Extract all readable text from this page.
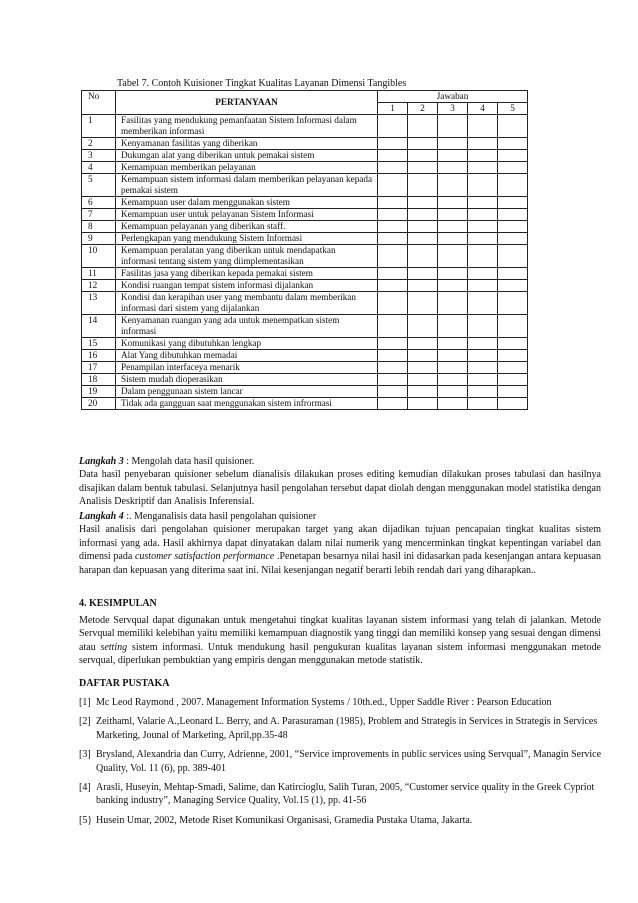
Tabel 7. Contoh Kuisioner Tingkat Kualitas Layanan Dimensi Tangibles
No	PERTANYAAN	Jawaban				
		1	2	3	4	5
1	Fasilitas yang mendukung pemanfaatan Sistem Informasi dalam memberikan informasi					
2	Kenyamanan fasilitas yang diberikan					
3	Dukungan alat yang diberikan untuk pemakai sistem					
4	Kemampuan memberikan pelayanan					
5	Kemampuan sistem informasi dalam memberikan pelayanan kepada pemakai sistem					
6	Kemampuan user dalam menggunakan sistem					
7	Kemampuan user untuk pelayanan Sistem Informasi					
8	Kemampuan pelayanan yang diberikan staff.					
9	Perlengkapan yang mendukung Sistem Informasi					
10	Kemampuan peralatan yang diberikan untuk mendapatkan informasi tentang sistem yang diimplementasikan					
11	Fasilitas jasa yang diberikan kepada pemakai sistem					
12	Kondisi ruangan tempat sistem informasi dijalankan					
13	Kondisi dan kerapihan user yang membantu dalam memberikan informasi dari sistem yang dijalankan					
14	Kenyamanan ruangan yang ada untuk menempatkan sistem informasi					
15	Komunikasi yang dibutuhkan lengkap					
16	Alat Yang dibutuhkan memadai					
17	Penampilan interfaceya menarik					
18	Sistem mudah dioperasikan					
19	Dalam penggunaan sistem lancar					
20	Tidak ada gangguan saat menggunakan sistem infrormasi					
Langkah 3 : Mengolah data hasil quisioner.
Data hasil penyebaran quisioner sebelum dianalisis dilakukan proses editing kemudian dilakukan proses tabulasi dan hasilnya disajikan dalam bentuk tabulasi. Selanjutnya hasil pengolahan tersebut dapat diolah dengan menggunakan model statistika dengan Analisis Deskriptif dan Analisis Inferensial.
Langkah 4 :. Menganalisis data hasil pengolahan quisioner
Hasil analisis dari pengolahan quisioner merupakan target yang akan dijadikan tujuan pencapaian tingkat kualitas sistem informasi yang ada. Hasil akhirnya dapat dinyatakan dalam nilai numerik yang mencerminkan tingkat kepentingan variabel dan dimensi pada customer satisfaction performance .Penetapan besarnya nilai hasil ini didasarkan pada kesenjangan antara kepuasan harapan dan kepuasan yang diterima saat ini. Nilai kesenjangan negatif berarti lebih rendah dari yang diharapkan..
4. KESIMPULAN
Metode Servqual dapat digunakan untuk mengetahui tingkat kualitas layanan sistem informasi yang telah di jalankan. Metode Servqual memiliki kelebihan yaitu memiliki kemampuan diagnostik yang tinggi dan memiliki konsep yang sesuai dengan dimensi atau setting sistem informasi. Untuk mendukung hasil pengukuran kualitas layanan sistem informasi menggunakan metode servqual, diperlukan pembuktian yang empiris dengan menggunakan metode statistik.
DAFTAR PUSTAKA
[1] Mc Leod Raymond , 2007. Management Information Systems / 10th.ed., Upper Saddle River : Pearson Education
[2] Zeithaml, Valarie A.,Leonard L. Berry, and A. Parasuraman (1985), Problem and Strategis in Services in Strategis in Services Marketing, Jounal of Marketing, April,pp.35-48
[3] Brysland, Alexandria dan Curry, Adrienne, 2001, “Service improvements in public services using Servqual”, Managin Service Quality, Vol. 11 (6), pp. 389-401
[4] Arasli, Huseyin, Mehtap-Smadi, Salime, dan Katircioglu, Salih Turan, 2005, “Customer service quality in the Greek Cypriot banking industry”, Managing Service Quality, Vol.15 (1), pp. 41-56
[5} Husein Umar, 2002, Metode Riset Komunikasi Organisasi, Gramedia Pustaka Utama, Jakarta.
